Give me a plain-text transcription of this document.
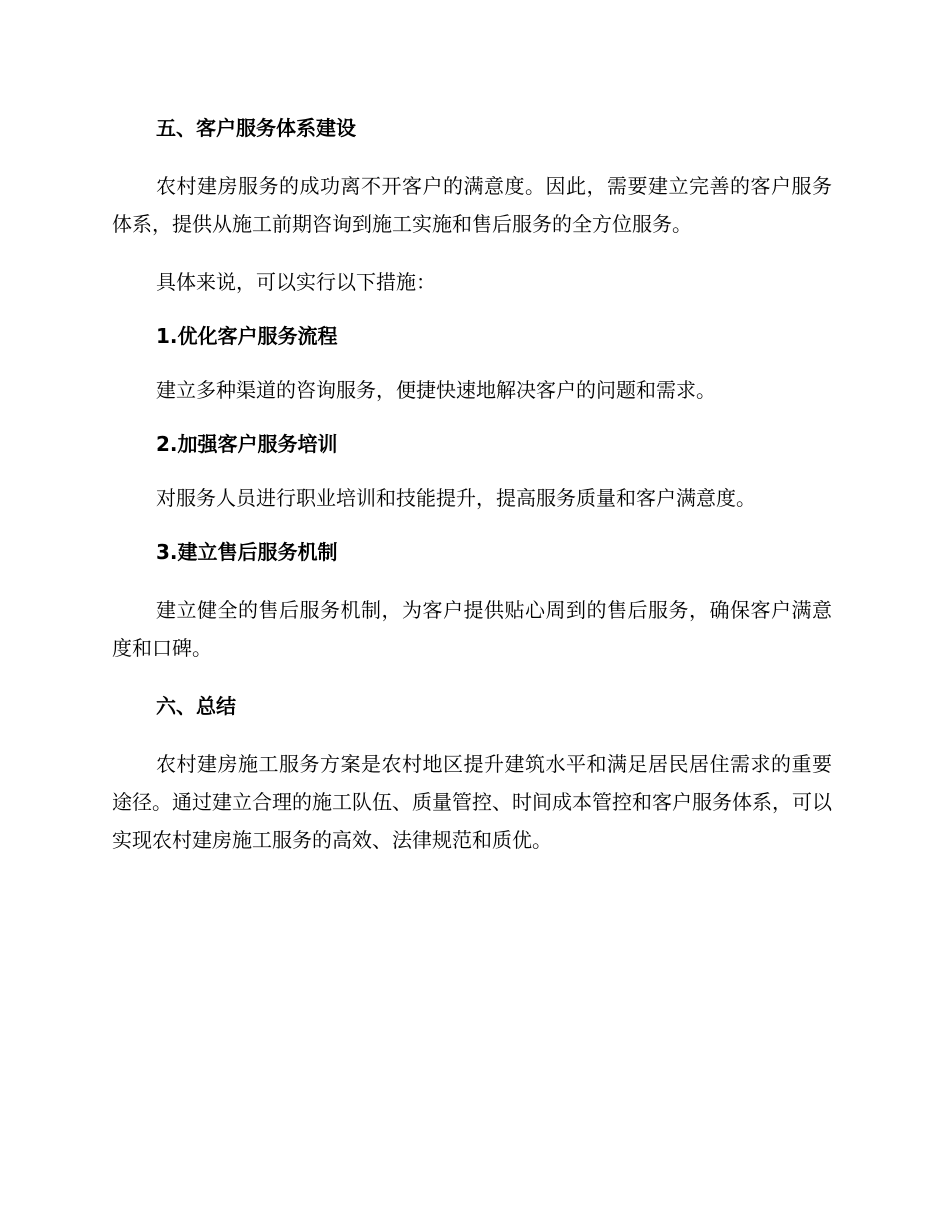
五、客户服务体系建设

农村建房服务的成功离不开客户的满意度。因此，需要建立完善的客户服务体系，提供从施工前期咨询到施工实施和售后服务的全方位服务。

具体来说，可以实行以下措施：

1.优化客户服务流程

建立多种渠道的咨询服务，便捷快速地解决客户的问题和需求。

2.加强客户服务培训

对服务人员进行职业培训和技能提升，提高服务质量和客户满意度。

3.建立售后服务机制

建立健全的售后服务机制，为客户提供贴心周到的售后服务，确保客户满意度和口碑。

六、总结

农村建房施工服务方案是农村地区提升建筑水平和满足居民居住需求的重要途径。通过建立合理的施工队伍、质量管控、时间成本管控和客户服务体系，可以实现农村建房施工服务的高效、法律规范和质优。
